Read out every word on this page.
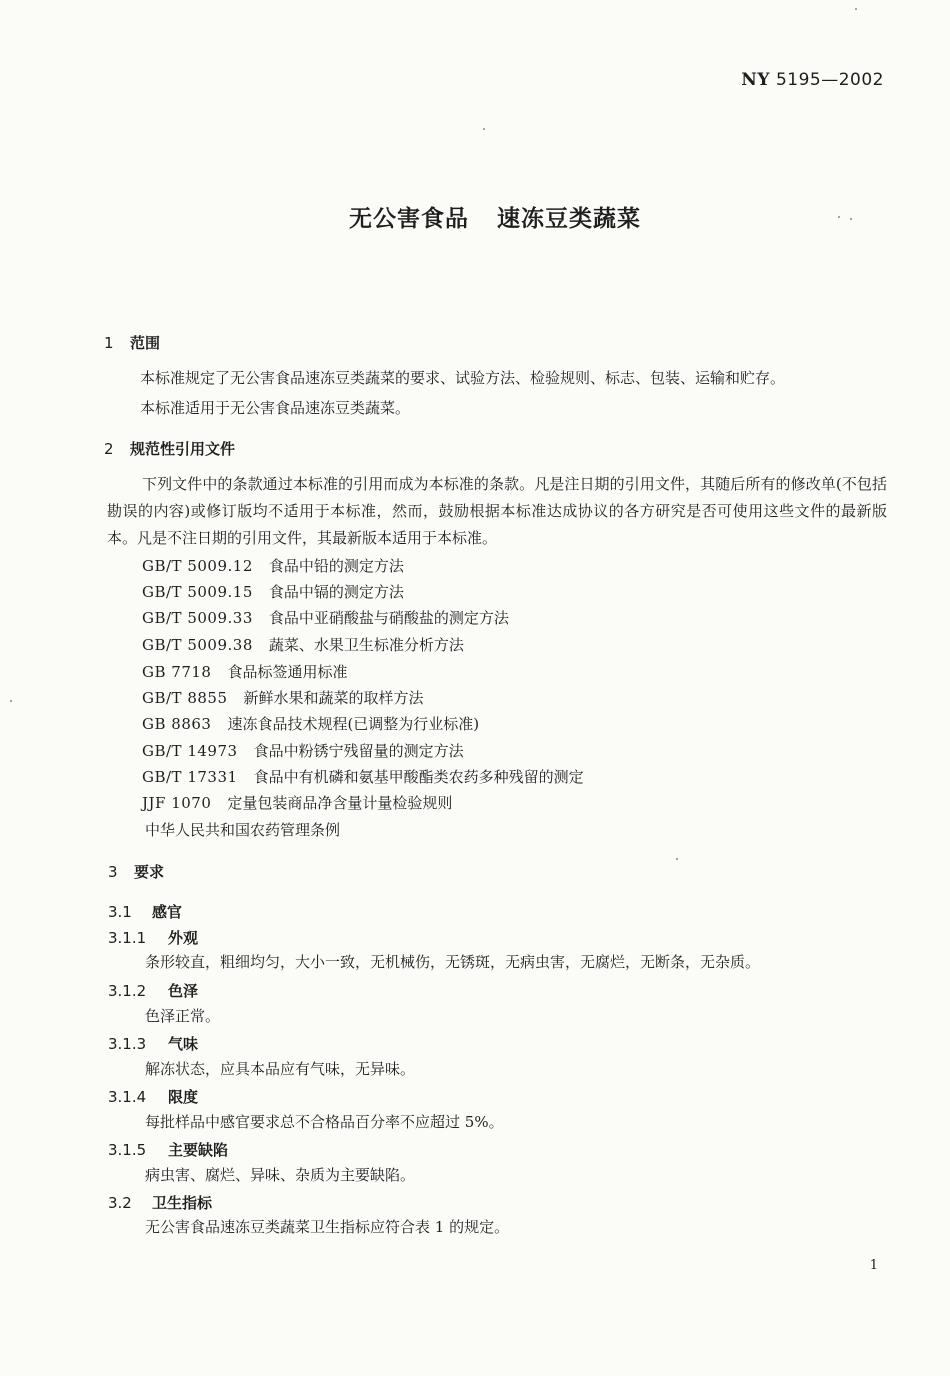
NY 5195—2002
无公害食品 速冻豆类蔬菜
1 范围
本标准规定了无公害食品速冻豆类蔬菜的要求、试验方法、检验规则、标志、包装、运输和贮存。
本标准适用于无公害食品速冻豆类蔬菜。
2 规范性引用文件
下列文件中的条款通过本标准的引用而成为本标准的条款。凡是注日期的引用文件，其随后所有的修改单(不包括勘误的内容)或修订版均不适用于本标准，然而，鼓励根据本标准达成协议的各方研究是否可使用这些文件的最新版本。凡是不注日期的引用文件，其最新版本适用于本标准。
GB/T 5009.12 食品中铅的测定方法
GB/T 5009.15 食品中镉的测定方法
GB/T 5009.33 食品中亚硝酸盐与硝酸盐的测定方法
GB/T 5009.38 蔬菜、水果卫生标准分析方法
GB 7718 食品标签通用标准
GB/T 8855 新鲜水果和蔬菜的取样方法
GB 8863 速冻食品技术规程(已调整为行业标准)
GB/T 14973 食品中粉锈宁残留量的测定方法
GB/T 17331 食品中有机磷和氨基甲酸酯类农药多种残留的测定
JJF 1070 定量包装商品净含量计量检验规则
中华人民共和国农药管理条例
3 要求
3.1 感官
3.1.1 外观
条形较直，粗细均匀，大小一致，无机械伤，无锈斑，无病虫害，无腐烂，无断条，无杂质。
3.1.2 色泽
色泽正常。
3.1.3 气味
解冻状态，应具本品应有气味，无异味。
3.1.4 限度
每批样品中感官要求总不合格品百分率不应超过 5%。
3.1.5 主要缺陷
病虫害、腐烂、异味、杂质为主要缺陷。
3.2 卫生指标
无公害食品速冻豆类蔬菜卫生指标应符合表 1 的规定。
1
